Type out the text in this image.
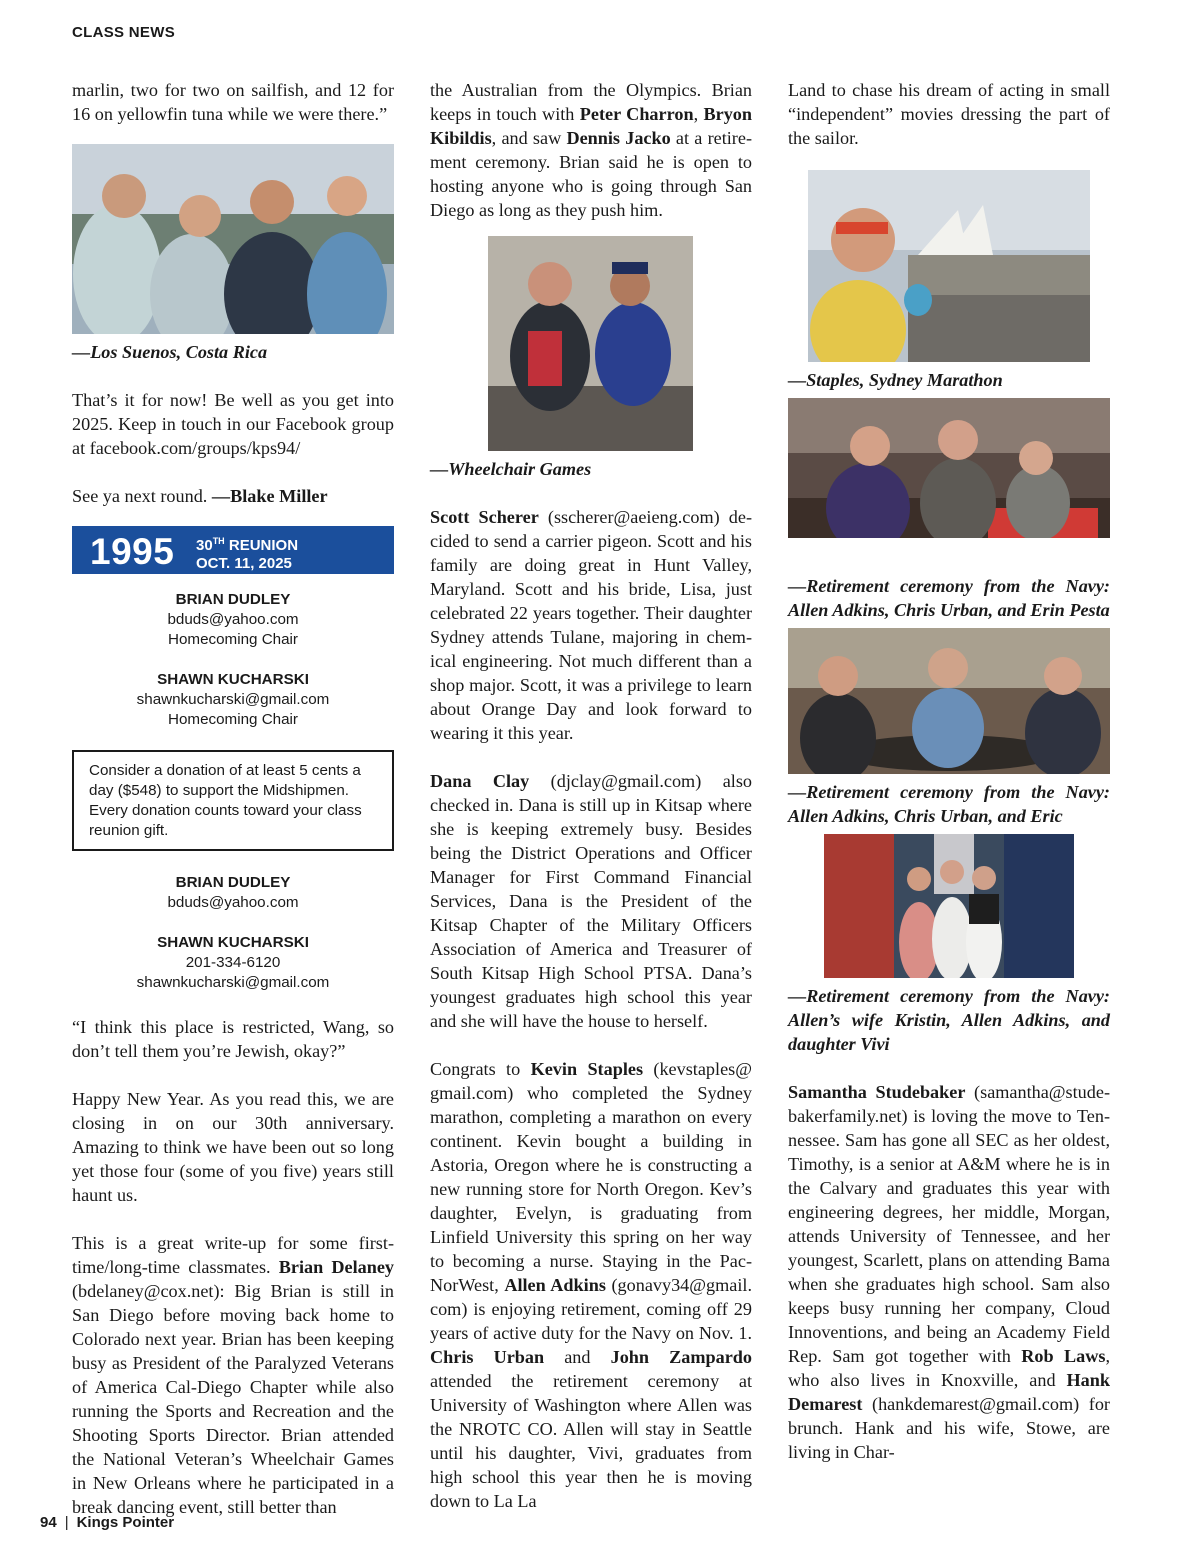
CLASS NEWS

marlin, two for two on sailfish, and 12 for 16 on yellowfin tuna while we were there.”

—Los Suenos, Costa Rica

That’s it for now! Be well as you get into 2025. Keep in touch in our Facebook group at facebook.com/groups/kps94/

See ya next round. —Blake Miller

1995 30TH REUNION
OCT. 11, 2025
BRIAN DUDLEY
bduds@yahoo.com
Homecoming Chair
SHAWN KUCHARSKI
shawnkucharski@gmail.com
Homecoming Chair
Consider a donation of at least 5 cents a day ($548) to support the Midshipmen. Every donation counts toward your class reunion gift.
BRIAN DUDLEY
bduds@yahoo.com
SHAWN KUCHARSKI
201-334-6120
shawnkucharski@gmail.com

“I think this place is restricted, Wang, so don’t tell them you’re Jewish, okay?”

Happy New Year. As you read this, we are closing in on our 30th anniversary. Amazing to think we have been out so long yet those four (some of you five) years still haunt us.

This is a great write-up for some first-time/long-time classmates. Brian Delaney (bdelaney@cox.net): Big Brian is still in San Diego before moving back home to Colorado next year. Brian has been keeping busy as President of the Paralyzed Veterans of America Cal-Diego Chapter while also running the Sports and Recreation and the Shooting Sports Director. Brian attended the National Veteran’s Wheelchair Games in New Orleans where he participated in a break dancing event, still better than

the Australian from the Olympics. Brian keeps in touch with Peter Charron, Bryon Kibildis, and saw Dennis Jacko at a retirement ceremony. Brian said he is open to hosting anyone who is going through San Diego as long as they push him.

—Wheelchair Games

Scott Scherer (sscherer@aeieng.com) decided to send a carrier pigeon. Scott and his family are doing great in Hunt Valley, Maryland. Scott and his bride, Lisa, just celebrated 22 years together. Their daughter Sydney attends Tulane, majoring in chemical engineering. Not much different than a shop major. Scott, it was a privilege to learn about Orange Day and look forward to wearing it this year.

Dana Clay (djclay@gmail.com) also checked in. Dana is still up in Kitsap where she is keeping extremely busy. Besides being the District Operations and Officer Manager for First Command Financial Services, Dana is the President of the Kitsap Chapter of the Military Officers Association of America and Treasurer of South Kitsap High School PTSA. Dana’s youngest graduates high school this year and she will have the house to herself.

Congrats to Kevin Staples (kevstaples@ gmail.com) who completed the Sydney marathon, completing a marathon on every continent. Kevin bought a building in Astoria, Oregon where he is constructing a new running store for North Oregon. Kev’s daughter, Evelyn, is graduating from Linfield University this spring on her way to becoming a nurse. Staying in the PacNorWest, Allen Adkins (gonavy34@gmail. com) is enjoying retirement, coming off 29 years of active duty for the Navy on Nov. 1. Chris Urban and John Zampardo attended the retirement ceremony at University of Washington where Allen was the NROTC CO. Allen will stay in Seattle until his daughter, Vivi, graduates from high school this year then he is moving down to La La

Land to chase his dream of acting in small “independent” movies dressing the part of the sailor.

—Staples, Sydney Marathon

—Retirement ceremony from the Navy: Allen Adkins, Chris Urban, and Erin Pesta

—Retirement ceremony from the Navy: Allen Adkins, Chris Urban, and Eric

—Retirement ceremony from the Navy: Allen’s wife Kristin, Allen Adkins, and daughter Vivi

Samantha Studebaker (samantha@studebakerfamily.net) is loving the move to Tennessee. Sam has gone all SEC as her oldest, Timothy, is a senior at A&M where he is in the Calvary and graduates this year with engineering degrees, her middle, Morgan, attends University of Tennessee, and her youngest, Scarlett, plans on attending Bama when she graduates high school. Sam also keeps busy running her company, Cloud Innoventions, and being an Academy Field Rep. Sam got together with Rob Laws, who also lives in Knoxville, and Hank Demarest (hankdemarest@gmail.com) for brunch. Hank and his wife, Stowe, are living in Char-

94 | Kings Pointer
